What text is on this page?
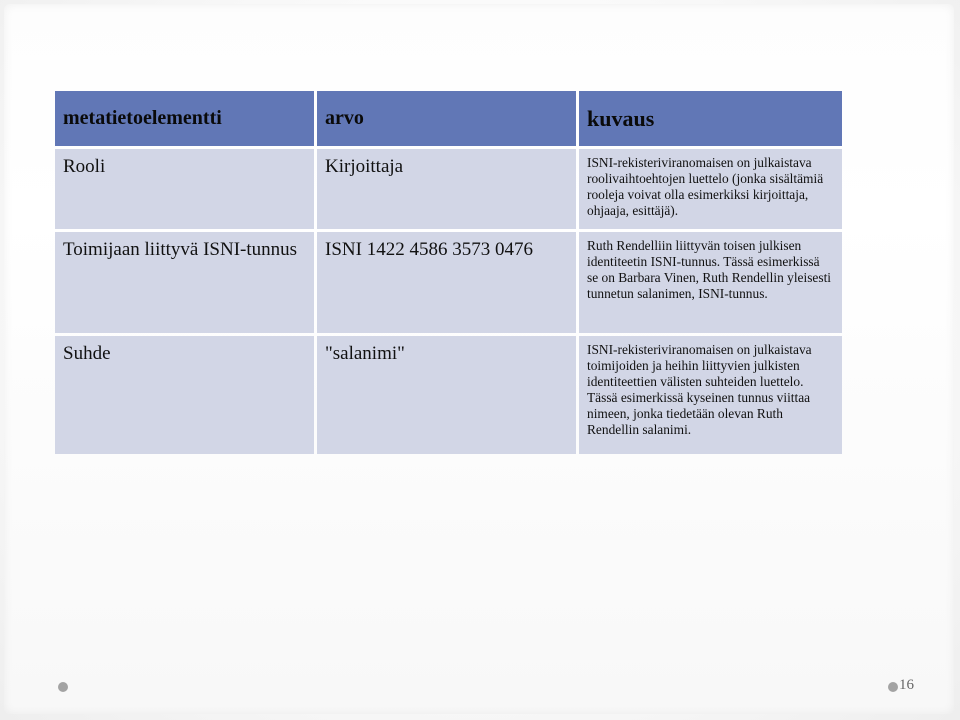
metatietoelementti	arvo	kuvaus
Rooli	Kirjoittaja	ISNI-rekisteriviranomaisen on julkaistava roolivaihtoehtojen luettelo (jonka sisältämiä rooleja voivat olla esimerkiksi kirjoittaja, ohjaaja, esittäjä).
Toimijaan liittyvä ISNI-tunnus	ISNI 1422 4586 3573 0476	Ruth Rendelliin liittyvän toisen julkisen identiteetin ISNI-tunnus. Tässä esimerkissä se on Barbara Vinen, Ruth Rendellin yleisesti tunnetun salanimen, ISNI-tunnus.
Suhde	"salanimi"	ISNI-rekisteriviranomaisen on julkaistava toimijoiden ja heihin liittyvien julkisten identiteettien välisten suhteiden luettelo. Tässä esimerkissä kyseinen tunnus viittaa nimeen, jonka tiedetään olevan Ruth Rendellin salanimi.
16
